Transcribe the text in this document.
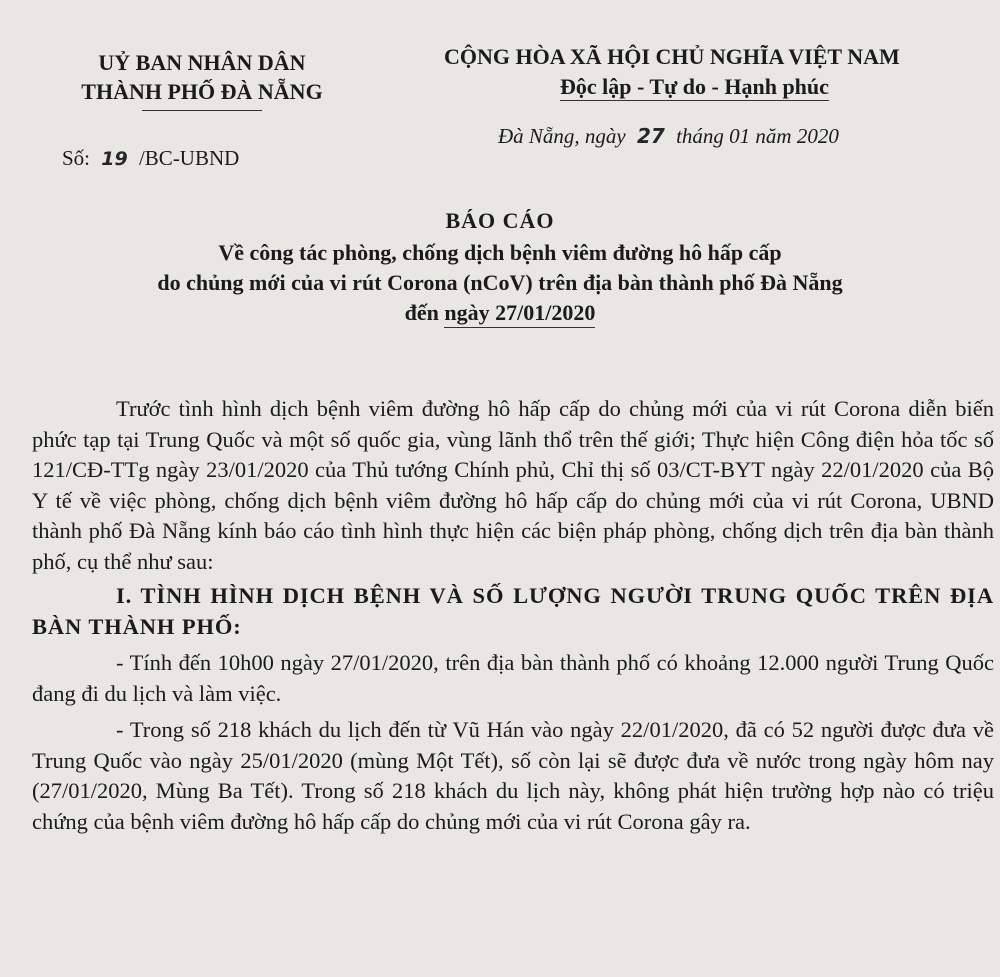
UỶ BAN NHÂN DÂN
THÀNH PHỐ ĐÀ NẴNG
CỘNG HÒA XÃ HỘI CHỦ NGHĨA VIỆT NAM
Độc lập - Tự do - Hạnh phúc
Số: 19 /BC-UBND
Đà Nẵng, ngày 27 tháng 01 năm 2020
BÁO CÁO
Về công tác phòng, chống dịch bệnh viêm đường hô hấp cấp
do chủng mới của vi rút Corona (nCoV) trên địa bàn thành phố Đà Nẵng
đến ngày 27/01/2020

Trước tình hình dịch bệnh viêm đường hô hấp cấp do chủng mới của vi rút Corona diễn biến phức tạp tại Trung Quốc và một số quốc gia, vùng lãnh thổ trên thế giới; Thực hiện Công điện hỏa tốc số 121/CĐ-TTg ngày 23/01/2020 của Thủ tướng Chính phủ, Chỉ thị số 03/CT-BYT ngày 22/01/2020 của Bộ Y tế về việc phòng, chống dịch bệnh viêm đường hô hấp cấp do chủng mới của vi rút Corona, UBND thành phố Đà Nẵng kính báo cáo tình hình thực hiện các biện pháp phòng, chống dịch trên địa bàn thành phố, cụ thể như sau:

I. TÌNH HÌNH DỊCH BỆNH VÀ SỐ LƯỢNG NGƯỜI TRUNG QUỐC TRÊN ĐỊA BÀN THÀNH PHỐ:

- Tính đến 10h00 ngày 27/01/2020, trên địa bàn thành phố có khoảng 12.000 người Trung Quốc đang đi du lịch và làm việc.

- Trong số 218 khách du lịch đến từ Vũ Hán vào ngày 22/01/2020, đã có 52 người được đưa về Trung Quốc vào ngày 25/01/2020 (mùng Một Tết), số còn lại sẽ được đưa về nước trong ngày hôm nay (27/01/2020, Mùng Ba Tết). Trong số 218 khách du lịch này, không phát hiện trường hợp nào có triệu chứng của bệnh viêm đường hô hấp cấp do chủng mới của vi rút Corona gây ra.
